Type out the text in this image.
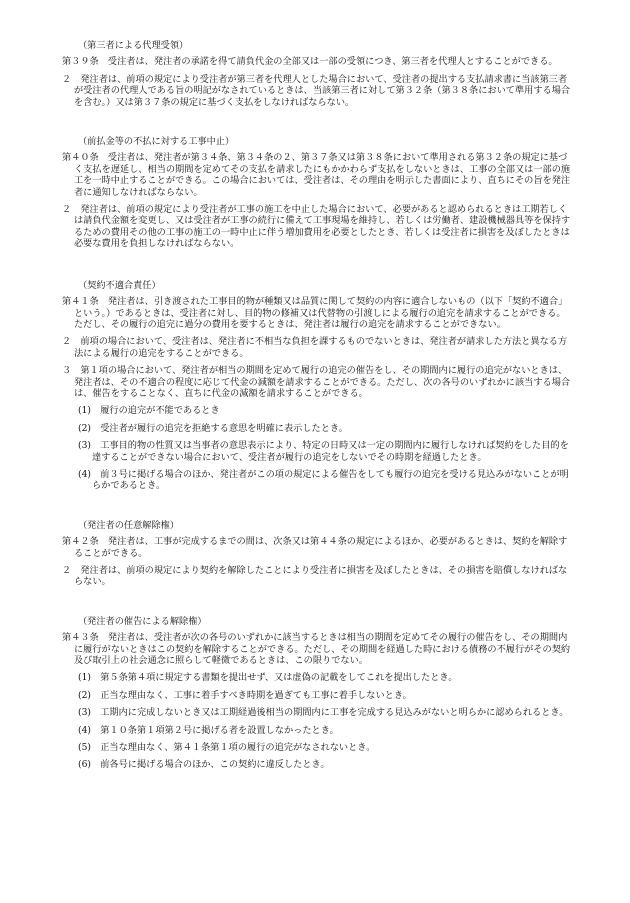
（第三者による代理受領）

第３９条　受注者は、発注者の承諾を得て請負代金の全部又は一部の受領につき、第三者を代理人とすることができる。

２　発注者は、前項の規定により受注者が第三者を代理人とした場合において、受注者の提出する支払請求書に当該第三者が受注者の代理人である旨の明記がなされているときは、当該第三者に対して第３２条（第３８条において準用する場合を含む。）又は第３７条の規定に基づく支払をしなければならない。

（前払金等の不払に対する工事中止）

第４０条　受注者は、発注者が第３４条、第３４条の２、第３７条又は第３８条において準用される第３２条の規定に基づく支払を遅延し、相当の期間を定めてその支払を請求したにもかかわらず支払をしないときは、工事の全部又は一部の施工を一時中止することができる。この場合においては、受注者は、その理由を明示した書面により、直ちにその旨を発注者に通知しなければならない。

２　発注者は、前項の規定により受注者が工事の施工を中止した場合において、必要があると認められるときは工期若しくは請負代金額を変更し、又は受注者が工事の続行に備えて工事現場を維持し、若しくは労働者、建設機械器具等を保持するための費用その他の工事の施工の一時中止に伴う増加費用を必要としたとき、若しくは受注者に損害を及ぼしたときは必要な費用を負担しなければならない。

（契約不適合責任）

第４１条　発注者は、引き渡された工事目的物が種類又は品質に関して契約の内容に適合しないもの（以下「契約不適合」という。）であるときは、受注者に対し、目的物の修補又は代替物の引渡しによる履行の追完を請求することができる。ただし、その履行の追完に過分の費用を要するときは、発注者は履行の追完を請求することができない。

２　前項の場合において、受注者は、発注者に不相当な負担を課するものでないときは、発注者が請求した方法と異なる方法による履行の追完をすることができる。

３　第１項の場合において、発注者が相当の期間を定めて履行の追完の催告をし、その期間内に履行の追完がないときは、発注者は、その不適合の程度に応じて代金の減額を請求することができる。ただし、次の各号のいずれかに該当する場合は、催告をすることなく、直ちに代金の減額を請求することができる。

(1)　履行の追完が不能であるとき

(2)　受注者が履行の追完を拒絶する意思を明確に表示したとき。

(3)　工事目的物の性質又は当事者の意思表示により、特定の日時又は一定の期間内に履行しなければ契約をした目的を達することができない場合において、受注者が履行の追完をしないでその時期を経過したとき。

(4)　前３号に掲げる場合のほか、発注者がこの項の規定による催告をしても履行の追完を受ける見込みがないことが明らかであるとき。

（発注者の任意解除権）

第４２条　発注者は、工事が完成するまでの間は、次条又は第４４条の規定によるほか、必要があるときは、契約を解除することができる。

２　発注者は、前項の規定により契約を解除したことにより受注者に損害を及ぼしたときは、その損害を賠償しなければならない。

（発注者の催告による解除権）

第４３条　発注者は、受注者が次の各号のいずれかに該当するときは相当の期間を定めてその履行の催告をし、その期間内に履行がないときはこの契約を解除することができる。ただし、その期間を経過した時における債務の不履行がその契約及び取引上の社会通念に照らして軽微であるときは、この限りでない。

(1)　第５条第４項に規定する書類を提出せず、又は虚偽の記載をしてこれを提出したとき。

(2)　正当な理由なく、工事に着手すべき時期を過ぎても工事に着手しないとき。

(3)　工期内に完成しないとき又は工期経過後相当の期間内に工事を完成する見込みがないと明らかに認められるとき。

(4)　第１０条第１項第２号に掲げる者を設置しなかったとき。

(5)　正当な理由なく、第４１条第１項の履行の追完がなされないとき。

(6)　前各号に掲げる場合のほか、この契約に違反したとき。
